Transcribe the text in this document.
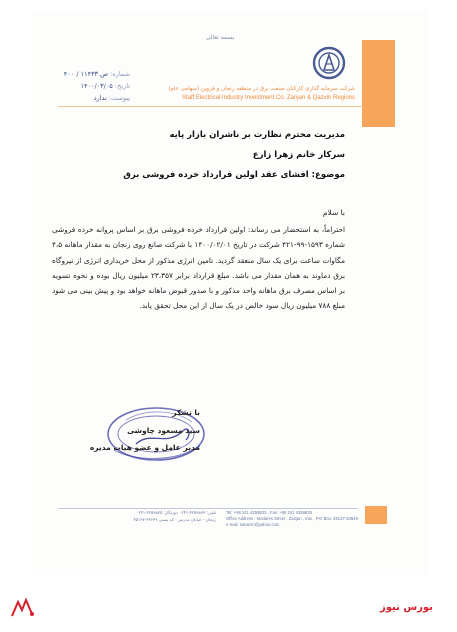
بسمه تعالی
شرکت سرمایه گذاری کارکنان صنعت برق در منطقه زنجان و قزوین (سهامی عام)
Staff Electrical Industry Investment Co. Zanjan & Qazvin Regions
شماره: ص.۱۱۴۳۳ / ۴۰۰
تاریخ: ۱۴۰۰/۰۳/۰۵
پیوست: ندارد
مدیریت محترم نظارت بر ناشران بازار پایه
سرکار خانم زهرا زارع
موضوع: افشای عقد اولین قرارداد خرده فروشی برق
با سلام
احتراماً، به استحضار می رساند: اولین قرارداد خرده فروشی برق بر اساس پروانه خرده فروشی شماره ۱۵۹۳-۹۹-۴۲۱ شرکت در تاریخ ۱۴۰۰/۰۲/۰۱ با شرکت صانع روی زنجان به مقدار ماهانه ۴،۵ مگاوات ساعت برای یک سال منعقد گردید. تامین انرژی مذکور از محل خریداری انرژی از نیروگاه برق دماوند به همان مقدار می باشد. مبلغ قرارداد برابر ۲۳،۳۵۷ میلیون ریال بوده و نحوه تسویه بر اساس مصرف برق ماهانه واحد مذکور و با صدور قبوض ماهانه خواهد بود و پیش بینی می شود مبلغ ۷۸۸ میلیون ریال سود خالص در یک سال از این محل تحقق یابد.
با تشکر
سید مسعود چاوشی
مدیر عامل و عضو هیات مدیره
Tel: +98 241 4259833 , Fax: +98 241 4259835
Office Address : Modares Street , Zanjan , Iran , P.O Box: 45137-33649
e-mail: sanazrn@yahoo.com
تلفن: ۴۲۵۹۸۳۳-۰۲۴۱ دورنگار: ۴۲۵۹۸۳۵-۰۲۴۱
زنجان - خیابان مدرس - کد پستی ۳۳۶۴۹-۴۵۱۳۷
بورس نیوز
